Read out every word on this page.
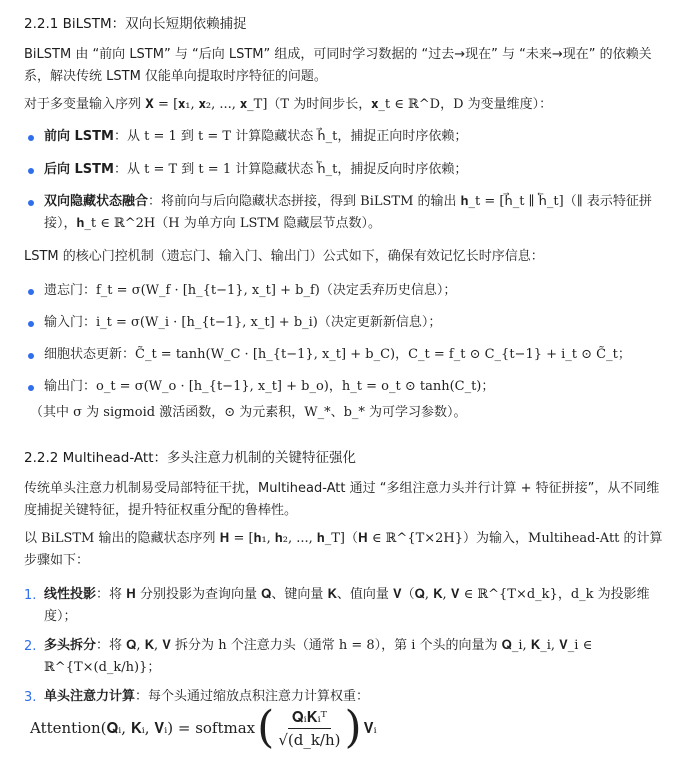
2.2.1 BiLSTM：双向长短期依赖捕捉
BiLSTM 由 “前向 LSTM” 与 “后向 LSTM” 组成，可同时学习数据的 “过去→现在” 与 “未来→现在” 的依赖关系，解决传统 LSTM 仅能单向提取时序特征的问题。
对于多变量输入序列 𝐗 = [𝐱₁, 𝐱₂, ..., 𝐱_T]（T 为时间步长，𝐱_t ∈ ℝ^D，D 为变量维度）：
前向 LSTM：从 t = 1 到 t = T 计算隐藏状态 h⃗_t，捕捉正向时序依赖；
后向 LSTM：从 t = T 到 t = 1 计算隐藏状态 h⃖_t，捕捉反向时序依赖；
双向隐藏状态融合：将前向与后向隐藏状态拼接，得到 BiLSTM 的输出 𝐡_t = [h⃗_t ∥ h⃖_t]（∥ 表示特征拼接），𝐡_t ∈ ℝ^2H（H 为单方向 LSTM 隐藏层节点数）。
LSTM 的核心门控机制（遗忘门、输入门、输出门）公式如下，确保有效记忆长时序信息：
遗忘门：f_t = σ(W_f · [h_{t−1}, x_t] + b_f)（决定丢弃历史信息）；
输入门：i_t = σ(W_i · [h_{t−1}, x_t] + b_i)（决定更新新信息）；
细胞状态更新：C̃_t = tanh(W_C · [h_{t−1}, x_t] + b_C)，C_t = f_t ⊙ C_{t−1} + i_t ⊙ C̃_t；
输出门：o_t = σ(W_o · [h_{t−1}, x_t] + b_o)，h_t = o_t ⊙ tanh(C_t)；
（其中 σ 为 sigmoid 激活函数，⊙ 为元素积，W_*、b_* 为可学习参数）。
2.2.2 Multihead-Att：多头注意力机制的关键特征强化
传统单头注意力机制易受局部特征干扰，Multihead-Att 通过 “多组注意力头并行计算 + 特征拼接”，从不同维度捕捉关键特征，提升特征权重分配的鲁棒性。
以 BiLSTM 输出的隐藏状态序列 𝐇 = [𝐡₁, 𝐡₂, ..., 𝐡_T]（𝐇 ∈ ℝ^{T×2H}）为输入，Multihead-Att 的计算步骤如下：
1. 线性投影：将 𝐇 分别投影为查询向量 𝐐、键向量 𝐊、值向量 𝐕（𝐐, 𝐊, 𝐕 ∈ ℝ^{T×d_k}，d_k 为投影维度）；
2. 多头拆分：将 𝐐, 𝐊, 𝐕 拆分为 h 个注意力头（通常 h = 8），第 i 个头的向量为 𝐐_i, 𝐊_i, 𝐕_i ∈ ℝ^{T×(d_k/h)}；
3. 单头注意力计算：每个头通过缩放点积注意力计算权重：
Attention(𝐐ᵢ, 𝐊ᵢ, 𝐕ᵢ) = softmax ( $\frac{\text{𝐐ᵢ𝐊ᵢᵀ}}{√(d\_k/h)}$ ) 𝐕ᵢ
